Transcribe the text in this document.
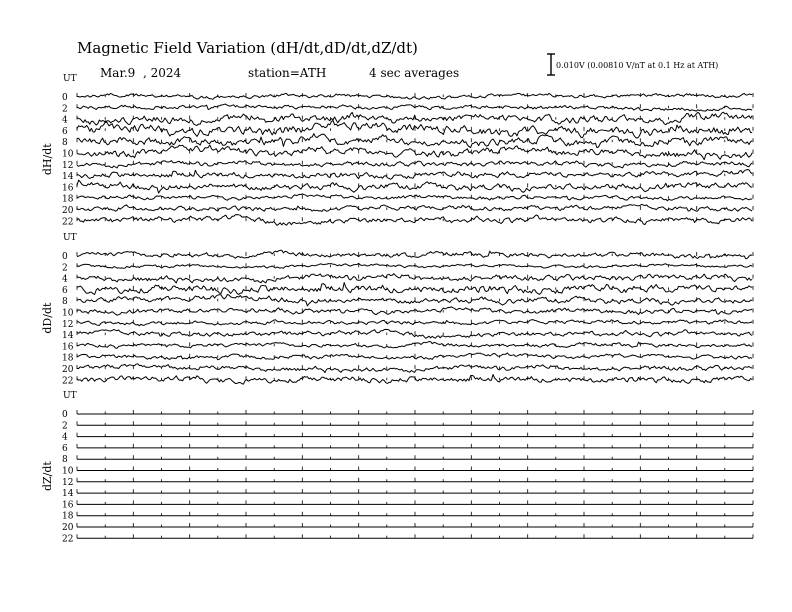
Magnetic Field Variation (dH/dt,dD/dt,dZ/dt)
Mar.9  , 2024	station=ATH	4 sec averages
0.010V (0.00810 V/nT at 0.1 Hz at ATH)
UT
dH/dt
0
2
4
6
8
10
12
14
16
18
20
22
UT
dD/dt
0
2
4
6
8
10
12
14
16
18
20
22
UT
dZ/dt
0
2
4
6
8
10
12
14
16
18
20
22
